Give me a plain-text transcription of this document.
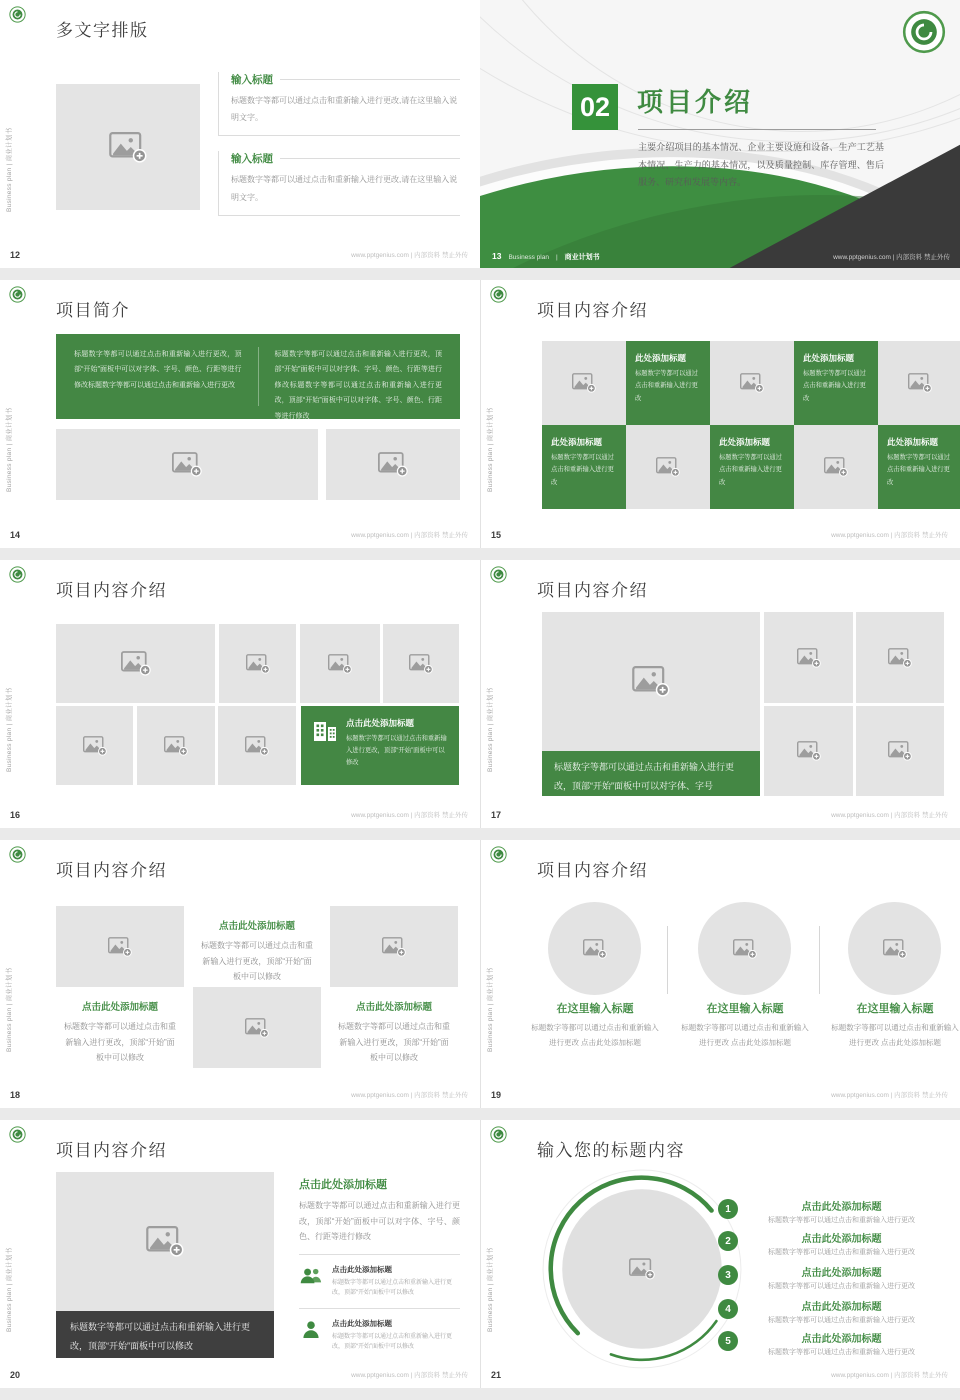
Business plan | 商业计划书
多文字排版
输入标题
标题数字等都可以通过点击和重新输入进行更改,请在这里输入说明文字。
输入标题
标题数字等都可以通过点击和重新输入进行更改,请在这里输入说明文字。
12	www.pptgenius.com | 内部资料 禁止外传
02	项目介绍
主要介绍项目的基本情况、企业主要设施和设备、生产工艺基本情况、生产力的基本情况，以及质量控制、库存管理、售后服务、研究和发展等内容。
13 Business plan | 商业计划书	www.pptgenius.com | 内部资料 禁止外传
Business plan | 商业计划书
项目简介
标题数字等都可以通过点击和重新输入进行更改，顶部“开始”面板中可以对字体、字号、颜色、行距等进行修改标题数字等都可以通过点击和重新输入进行更改
标题数字等都可以通过点击和重新输入进行更改，顶部“开始”面板中可以对字体、字号、颜色、行距等进行修改标题数字等都可以通过点击和重新输入进行更改，顶部“开始”面板中可以对字体、字号、颜色、行距等进行修改
14	www.pptgenius.com | 内部资料 禁止外传
Business plan | 商业计划书
项目内容介绍
此处添加标题
标题数字等都可以通过点击和重新输入进行更改
此处添加标题
标题数字等都可以通过点击和重新输入进行更改
此处添加标题
标题数字等都可以通过点击和重新输入进行更改
此处添加标题
标题数字等都可以通过点击和重新输入进行更改
此处添加标题
标题数字等都可以通过点击和重新输入进行更改
15	www.pptgenius.com | 内部资料 禁止外传
Business plan | 商业计划书
项目内容介绍
点击此处添加标题
标题数字等都可以通过点击和重新输入进行更改，顶部“开始”面板中可以修改
16	www.pptgenius.com | 内部资料 禁止外传
Business plan | 商业计划书
项目内容介绍
标题数字等都可以通过点击和重新输入进行更改，顶部“开始”面板中可以对字体、字号
17	www.pptgenius.com | 内部资料 禁止外传
Business plan | 商业计划书
项目内容介绍
点击此处添加标题
标题数字等都可以通过点击和重新输入进行更改，顶部“开始”面板中可以修改
点击此处添加标题
标题数字等都可以通过点击和重新输入进行更改，顶部“开始”面板中可以修改
点击此处添加标题
标题数字等都可以通过点击和重新输入进行更改，顶部“开始”面板中可以修改
18	www.pptgenius.com | 内部资料 禁止外传
Business plan | 商业计划书
项目内容介绍
在这里输入标题
标题数字等都可以通过点击和重新输入进行更改 点击此处添加标题
在这里输入标题
标题数字等都可以通过点击和重新输入进行更改 点击此处添加标题
在这里输入标题
标题数字等都可以通过点击和重新输入进行更改 点击此处添加标题
19	www.pptgenius.com | 内部资料 禁止外传
Business plan | 商业计划书
项目内容介绍
标题数字等都可以通过点击和重新输入进行更改，顶部“开始”面板中可以修改
点击此处添加标题
标题数字等都可以通过点击和重新输入进行更改，顶部“开始”面板中可以对字体、字号、颜色、行距等进行修改
点击此处添加标题
标题数字等都可以通过点击和重新输入进行更改，顶部“开始”面板中可以修改
点击此处添加标题
标题数字等都可以通过点击和重新输入进行更改，顶部“开始”面板中可以修改
20	www.pptgenius.com | 内部资料 禁止外传
Business plan | 商业计划书
输入您的标题内容
1	点击此处添加标题
标题数字等都可以通过点击和重新输入进行更改
2	点击此处添加标题
标题数字等都可以通过点击和重新输入进行更改
3	点击此处添加标题
标题数字等都可以通过点击和重新输入进行更改
4	点击此处添加标题
标题数字等都可以通过点击和重新输入进行更改
5	点击此处添加标题
标题数字等都可以通过点击和重新输入进行更改
21	www.pptgenius.com | 内部资料 禁止外传
